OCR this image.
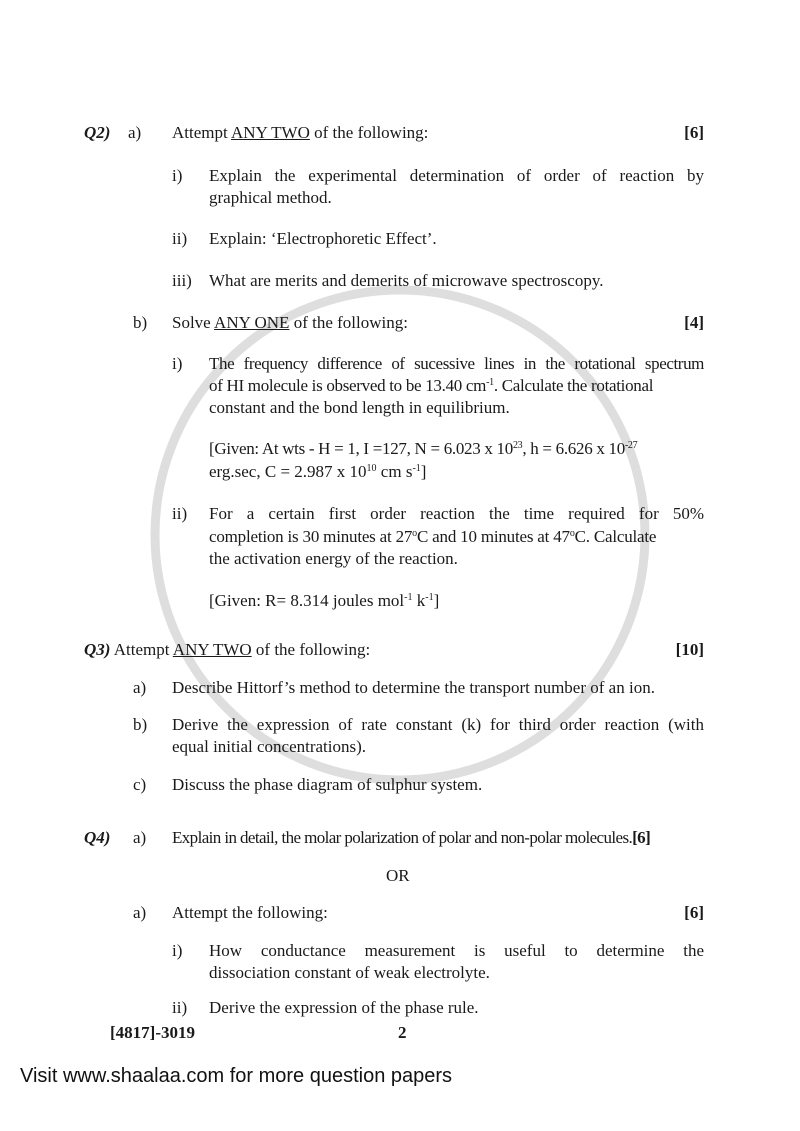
Q2) a) Attempt ANY TWO of the following:	[6]
i) Explain the experimental determination of order of reaction by
graphical method.
ii) Explain: ‘Electrophoretic Effect’.
iii) What are merits and demerits of microwave spectroscopy.
b) Solve ANY ONE of the following:	[4]
i) The frequency difference of sucessive lines in the rotational spectrum
of HI molecule is observed to be 13.40 $cm^{-1}$. Calculate the rotational
constant and the bond length in equilibrium.
[Given: At wts - H = 1, I =127, N = 6.023 x $10^{23}$, h = 6.626 x $10^{-27}$
erg.sec, C = 2.987 x $10^{10}$ cm $s^{-1}$]
ii) For a certain first order reaction the time required for 50%
completion is 30 minutes at 27$^o$C and 10 minutes at 47$^o$C. Calculate
the activation energy of the reaction.
[Given: R= 8.314 joules mol$^{-1}$ $k^{-1}$]
Q3) Attempt ANY TWO of the following:	[10]
a) Describe Hittorf’s method to determine the transport number of an ion.
b) Derive the expression of rate constant (k) for third order reaction (with
equal initial concentrations).
c) Discuss the phase diagram of sulphur system.
Q4) a) Explain in detail, the molar polarization of polar and non-polar molecules.[6]
OR
a) Attempt the following:	[6]
i) How conductance measurement is useful to determine the
dissociation constant of weak electrolyte.
ii) Derive the expression of the phase rule.
[4817]-3019	2
Visit www.shaalaa.com for more question papers
